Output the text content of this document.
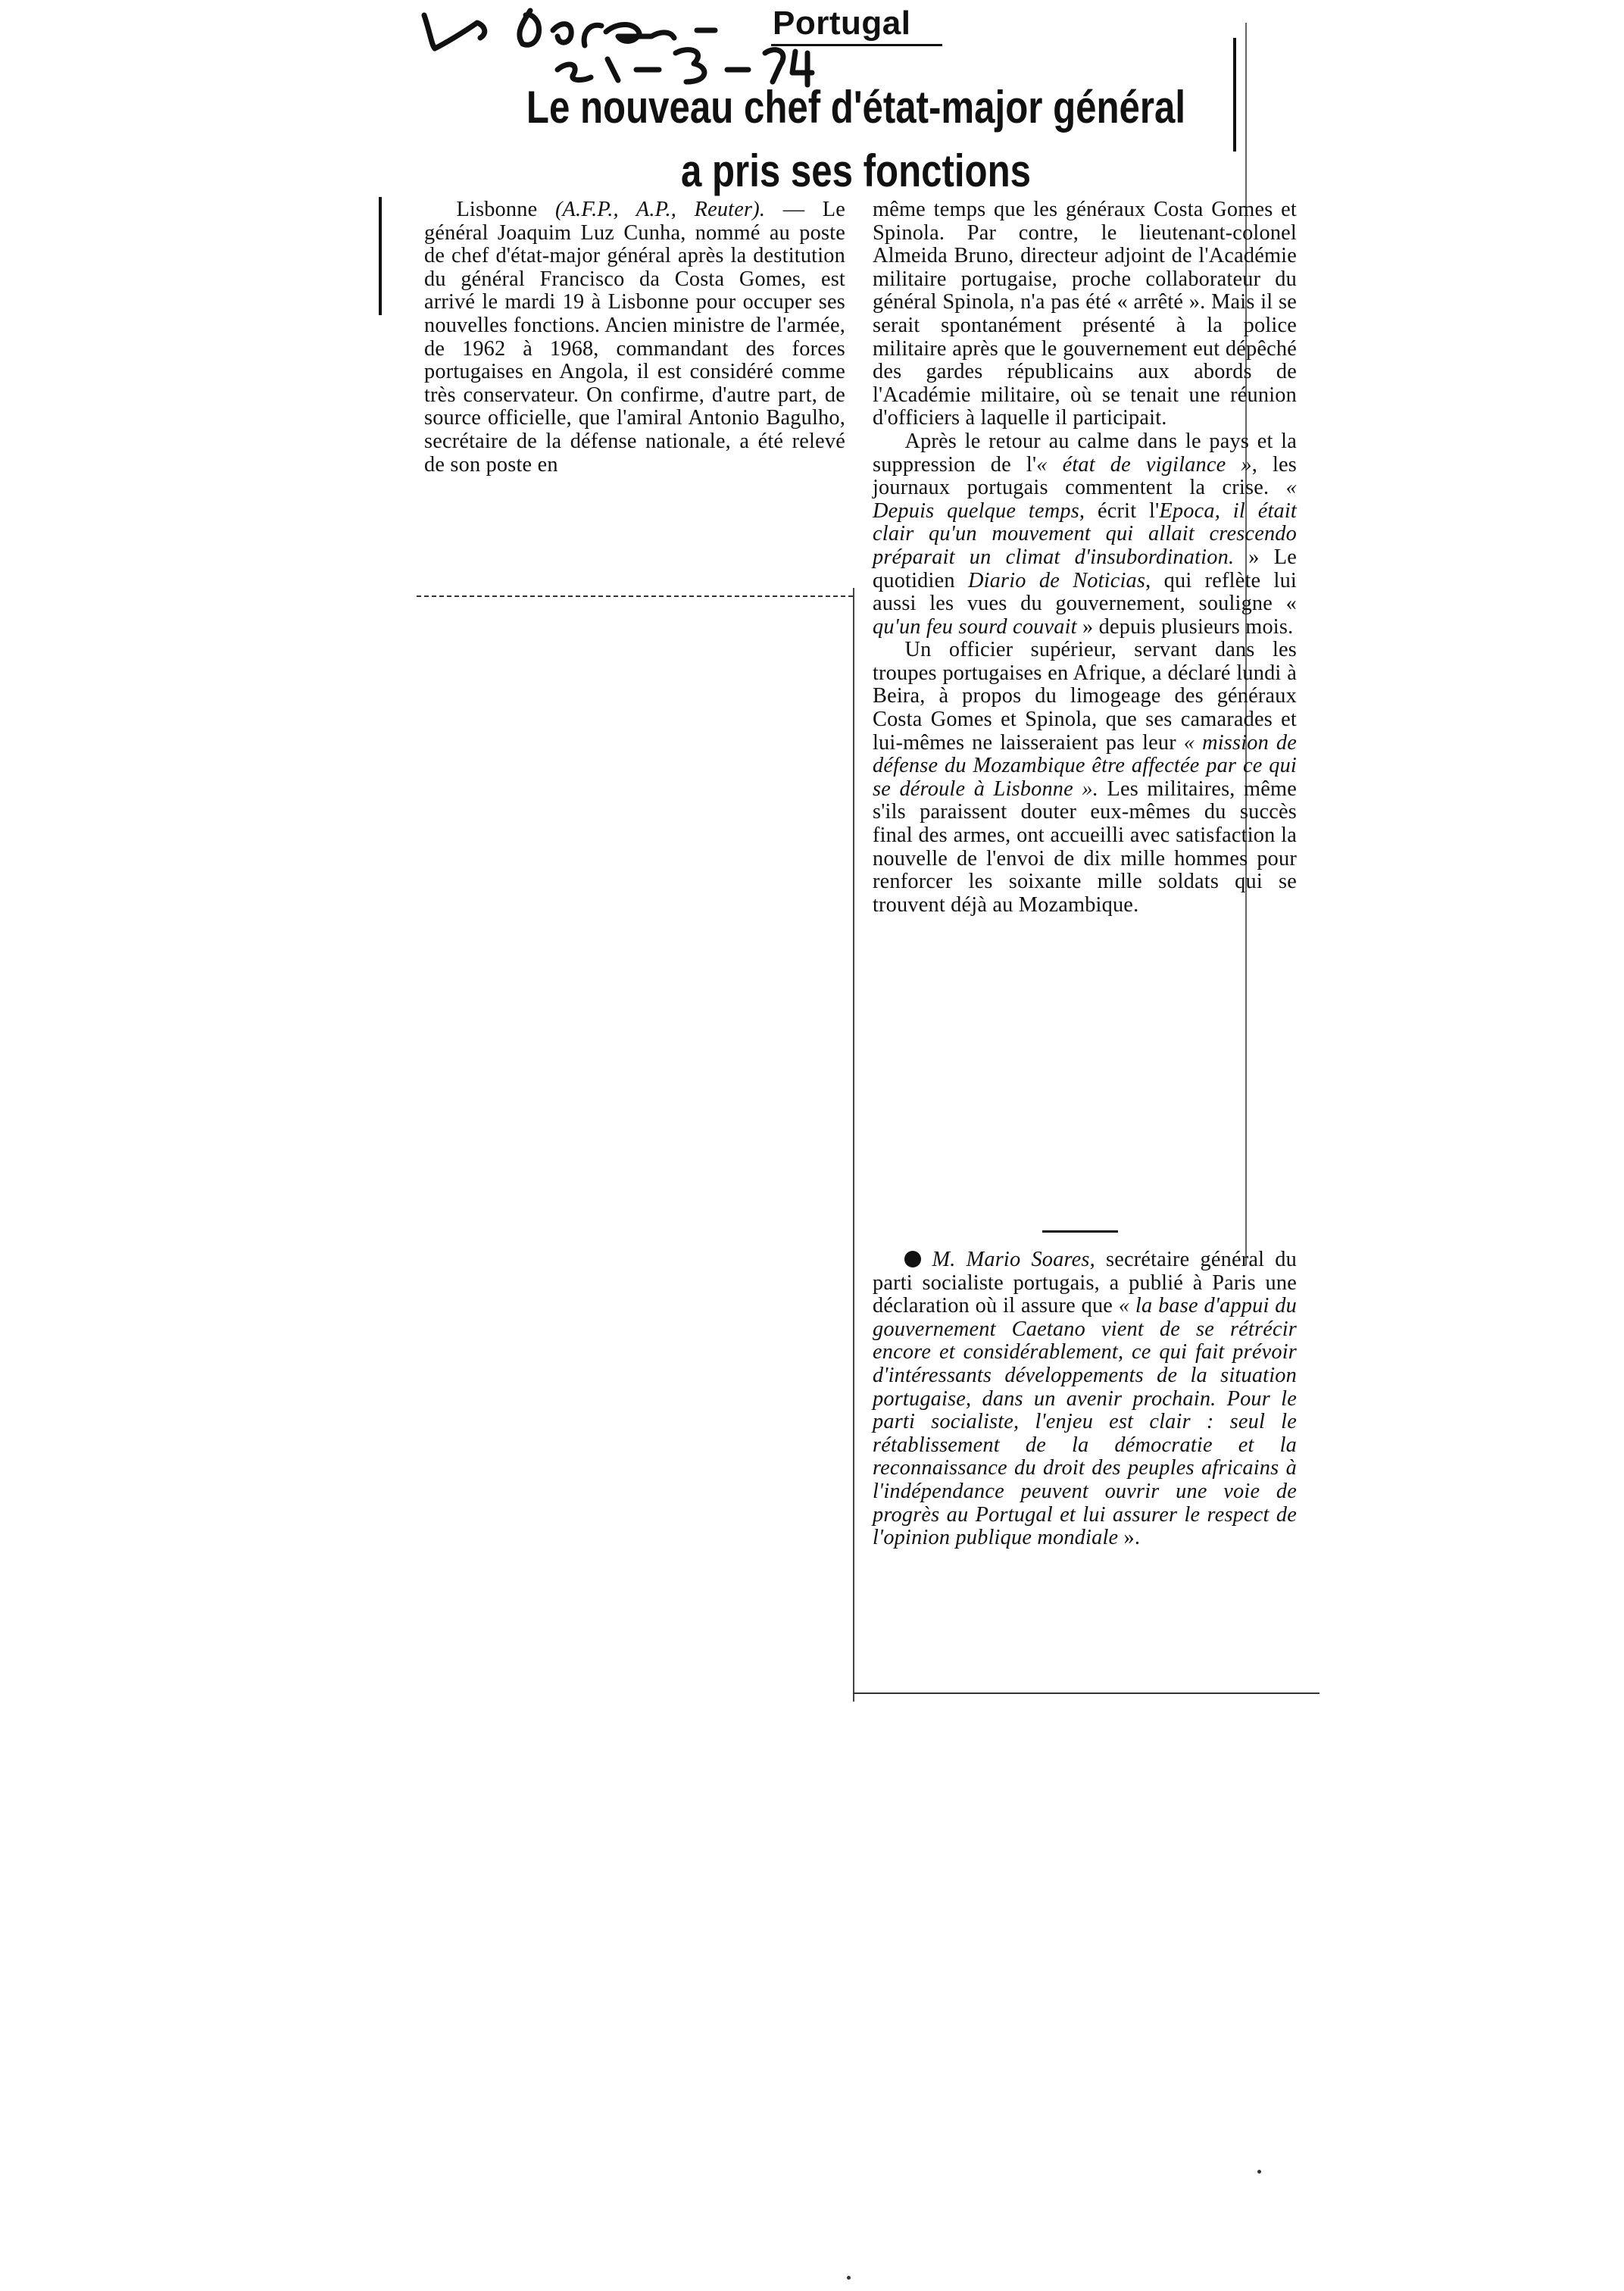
Portugal
Le nouveau chef d'état-major général
a pris ses fonctions

Lisbonne (A.F.P., A.P., Reuter). — Le général Joaquim Luz Cunha, nommé au poste de chef d'état-major général après la destitution du général Francisco da Costa Gomes, est arrivé le mardi 19 à Lisbonne pour occuper ses nouvelles fonctions. Ancien ministre de l'armée, de 1962 à 1968, commandant des forces portugaises en Angola, il est considéré comme très conservateur. On confirme, d'autre part, de source officielle, que l'amiral Antonio Bagulho, secrétaire de la défense nationale, a été relevé de son poste en

même temps que les généraux Costa Gomes et Spinola. Par contre, le lieutenant-colonel Almeida Bruno, directeur adjoint de l'Académie militaire portugaise, proche collaborateur du général Spinola, n'a pas été « arrêté ». Mais il se serait spontanément présenté à la police militaire après que le gouvernement eut dépêché des gardes républicains aux abords de l'Académie militaire, où se tenait une réunion d'officiers à laquelle il participait.

Après le retour au calme dans le pays et la suppression de l'« état de vigilance », les journaux portugais commentent la crise. « Depuis quelque temps, écrit l'Epoca, il était clair qu'un mouvement qui allait crescendo préparait un climat d'insubordination. » Le quotidien Diario de Noticias, qui reflète lui aussi les vues du gouvernement, souligne « qu'un feu sourd couvait » depuis plusieurs mois.

Un officier supérieur, servant dans les troupes portugaises en Afrique, a déclaré lundi à Beira, à propos du limogeage des généraux Costa Gomes et Spinola, que ses camarades et lui-mêmes ne laisseraient pas leur « mission de défense du Mozambique être affectée par ce qui se déroule à Lisbonne ». Les militaires, même s'ils paraissent douter eux-mêmes du succès final des armes, ont accueilli avec satisfaction la nouvelle de l'envoi de dix mille hommes pour renforcer les soixante mille soldats qui se trouvent déjà au Mozambique.

M. Mario Soares, secrétaire général du parti socialiste portugais, a publié à Paris une déclaration où il assure que « la base d'appui du gouvernement Caetano vient de se rétrécir encore et considérablement, ce qui fait prévoir d'intéressants développements de la situation portugaise, dans un avenir prochain. Pour le parti socialiste, l'enjeu est clair : seul le rétablissement de la démocratie et la reconnaissance du droit des peuples africains à l'indépendance peuvent ouvrir une voie de progrès au Portugal et lui assurer le respect de l'opinion publique mondiale ».
